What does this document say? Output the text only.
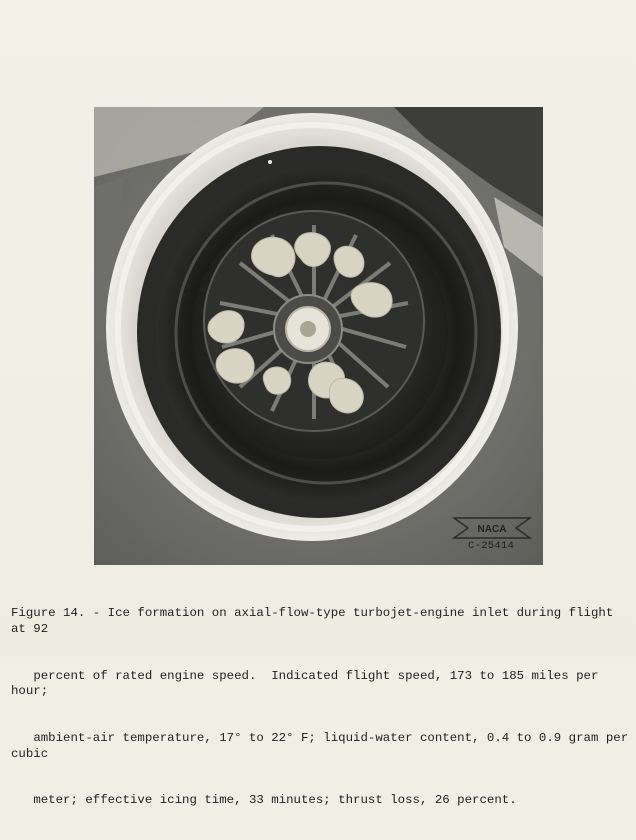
NACA
C-25414

Figure 14. - Ice formation on axial-flow-type turbojet-engine inlet during flight at 92

percent of rated engine speed.  Indicated flight speed, 173 to 185 miles per hour;

ambient-air temperature, 17° to 22° F; liquid-water content, 0.4 to 0.9 gram per cubic

meter; effective icing time, 33 minutes; thrust loss, 26 percent.
